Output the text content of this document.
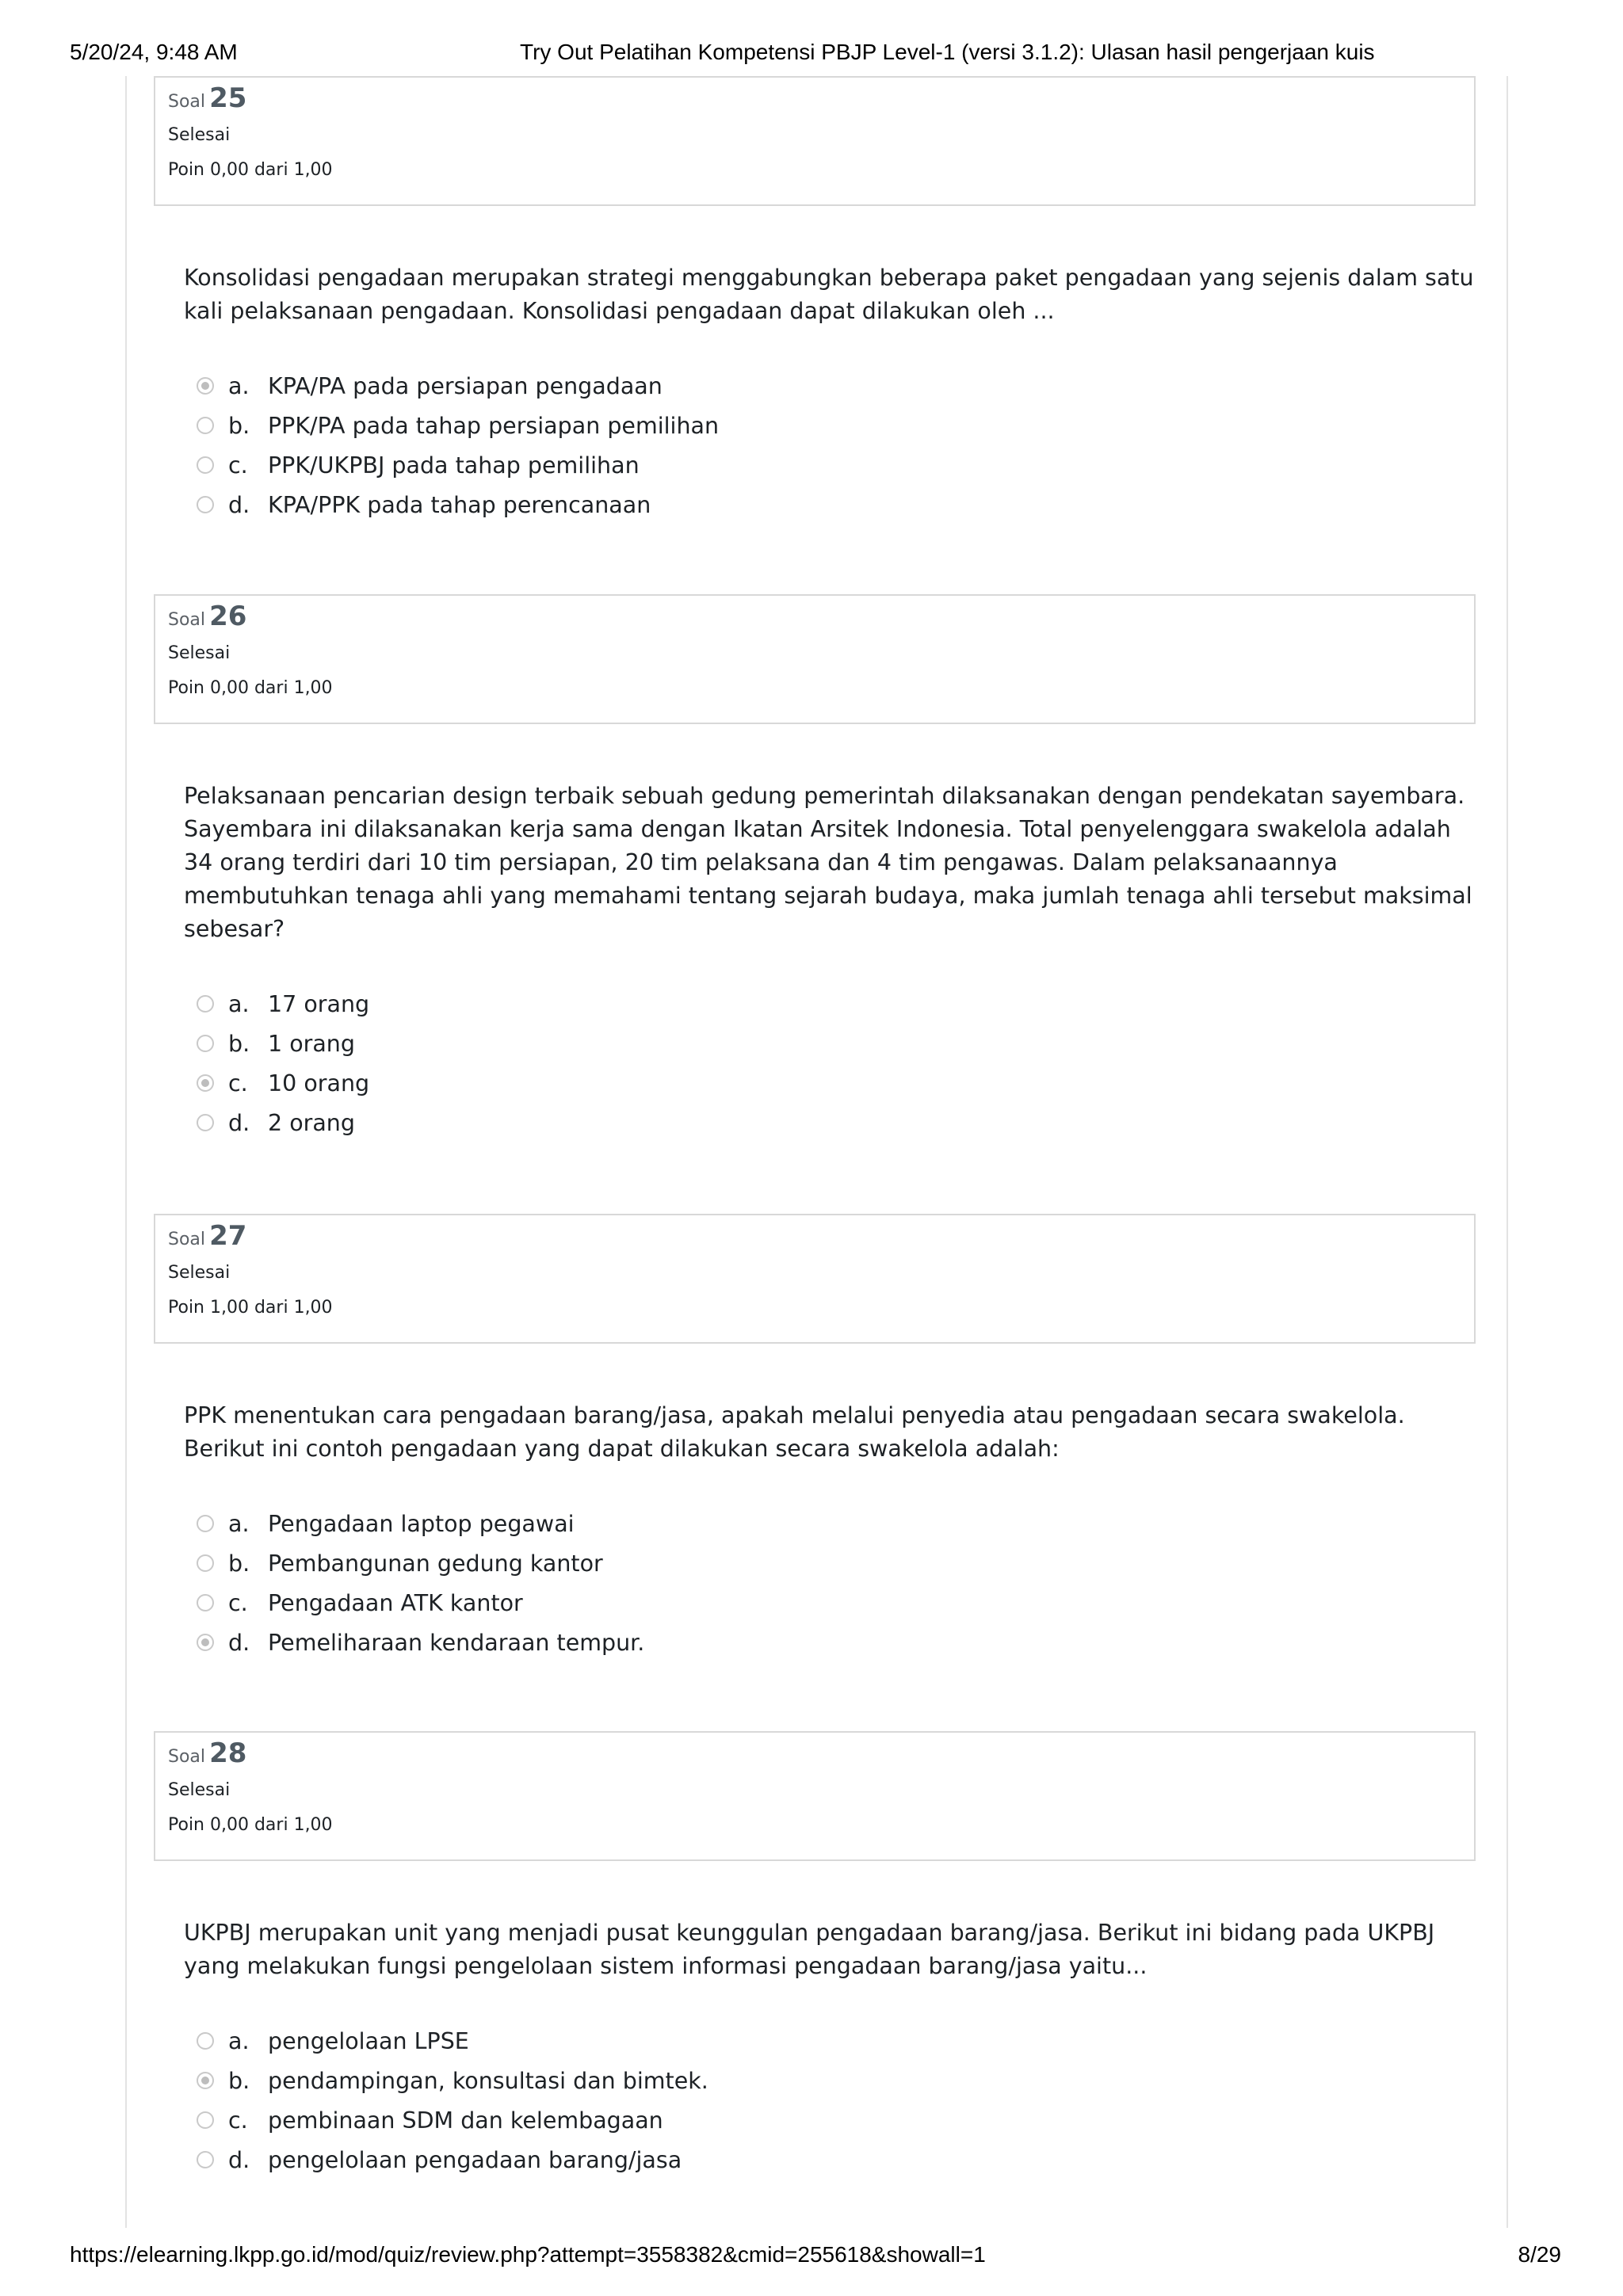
5/20/24, 9:48 AM	Try Out Pelatihan Kompetensi PBJP Level-1 (versi 3.1.2): Ulasan hasil pengerjaan kuis
Soal 25
Selesai
Poin 0,00 dari 1,00
Konsolidasi pengadaan merupakan strategi menggabungkan beberapa paket pengadaan yang sejenis dalam satu kali pelaksanaan pengadaan. Konsolidasi pengadaan dapat dilakukan oleh ...
a. KPA/PA pada persiapan pengadaan
b. PPK/PA pada tahap persiapan pemilihan
c. PPK/UKPBJ pada tahap pemilihan
d. KPA/PPK pada tahap perencanaan
Soal 26
Selesai
Poin 0,00 dari 1,00
Pelaksanaan pencarian design terbaik sebuah gedung pemerintah dilaksanakan dengan pendekatan sayembara. Sayembara ini dilaksanakan kerja sama dengan Ikatan Arsitek Indonesia. Total penyelenggara swakelola adalah 34 orang terdiri dari 10 tim persiapan, 20 tim pelaksana dan 4 tim pengawas. Dalam pelaksanaannya membutuhkan tenaga ahli yang memahami tentang sejarah budaya, maka jumlah tenaga ahli tersebut maksimal sebesar?
a. 17 orang
b. 1 orang
c. 10 orang
d. 2 orang
Soal 27
Selesai
Poin 1,00 dari 1,00
PPK menentukan cara pengadaan barang/jasa, apakah melalui penyedia atau pengadaan secara swakelola. Berikut ini contoh pengadaan yang dapat dilakukan secara swakelola adalah:
a. Pengadaan laptop pegawai
b. Pembangunan gedung kantor
c. Pengadaan ATK kantor
d. Pemeliharaan kendaraan tempur.
Soal 28
Selesai
Poin 0,00 dari 1,00
UKPBJ merupakan unit yang menjadi pusat keunggulan pengadaan barang/jasa. Berikut ini bidang pada UKPBJ yang melakukan fungsi pengelolaan sistem informasi pengadaan barang/jasa yaitu...
a. pengelolaan LPSE
b. pendampingan, konsultasi dan bimtek.
c. pembinaan SDM dan kelembagaan
d. pengelolaan pengadaan barang/jasa
https://elearning.lkpp.go.id/mod/quiz/review.php?attempt=3558382&cmid=255618&showall=1	8/29
